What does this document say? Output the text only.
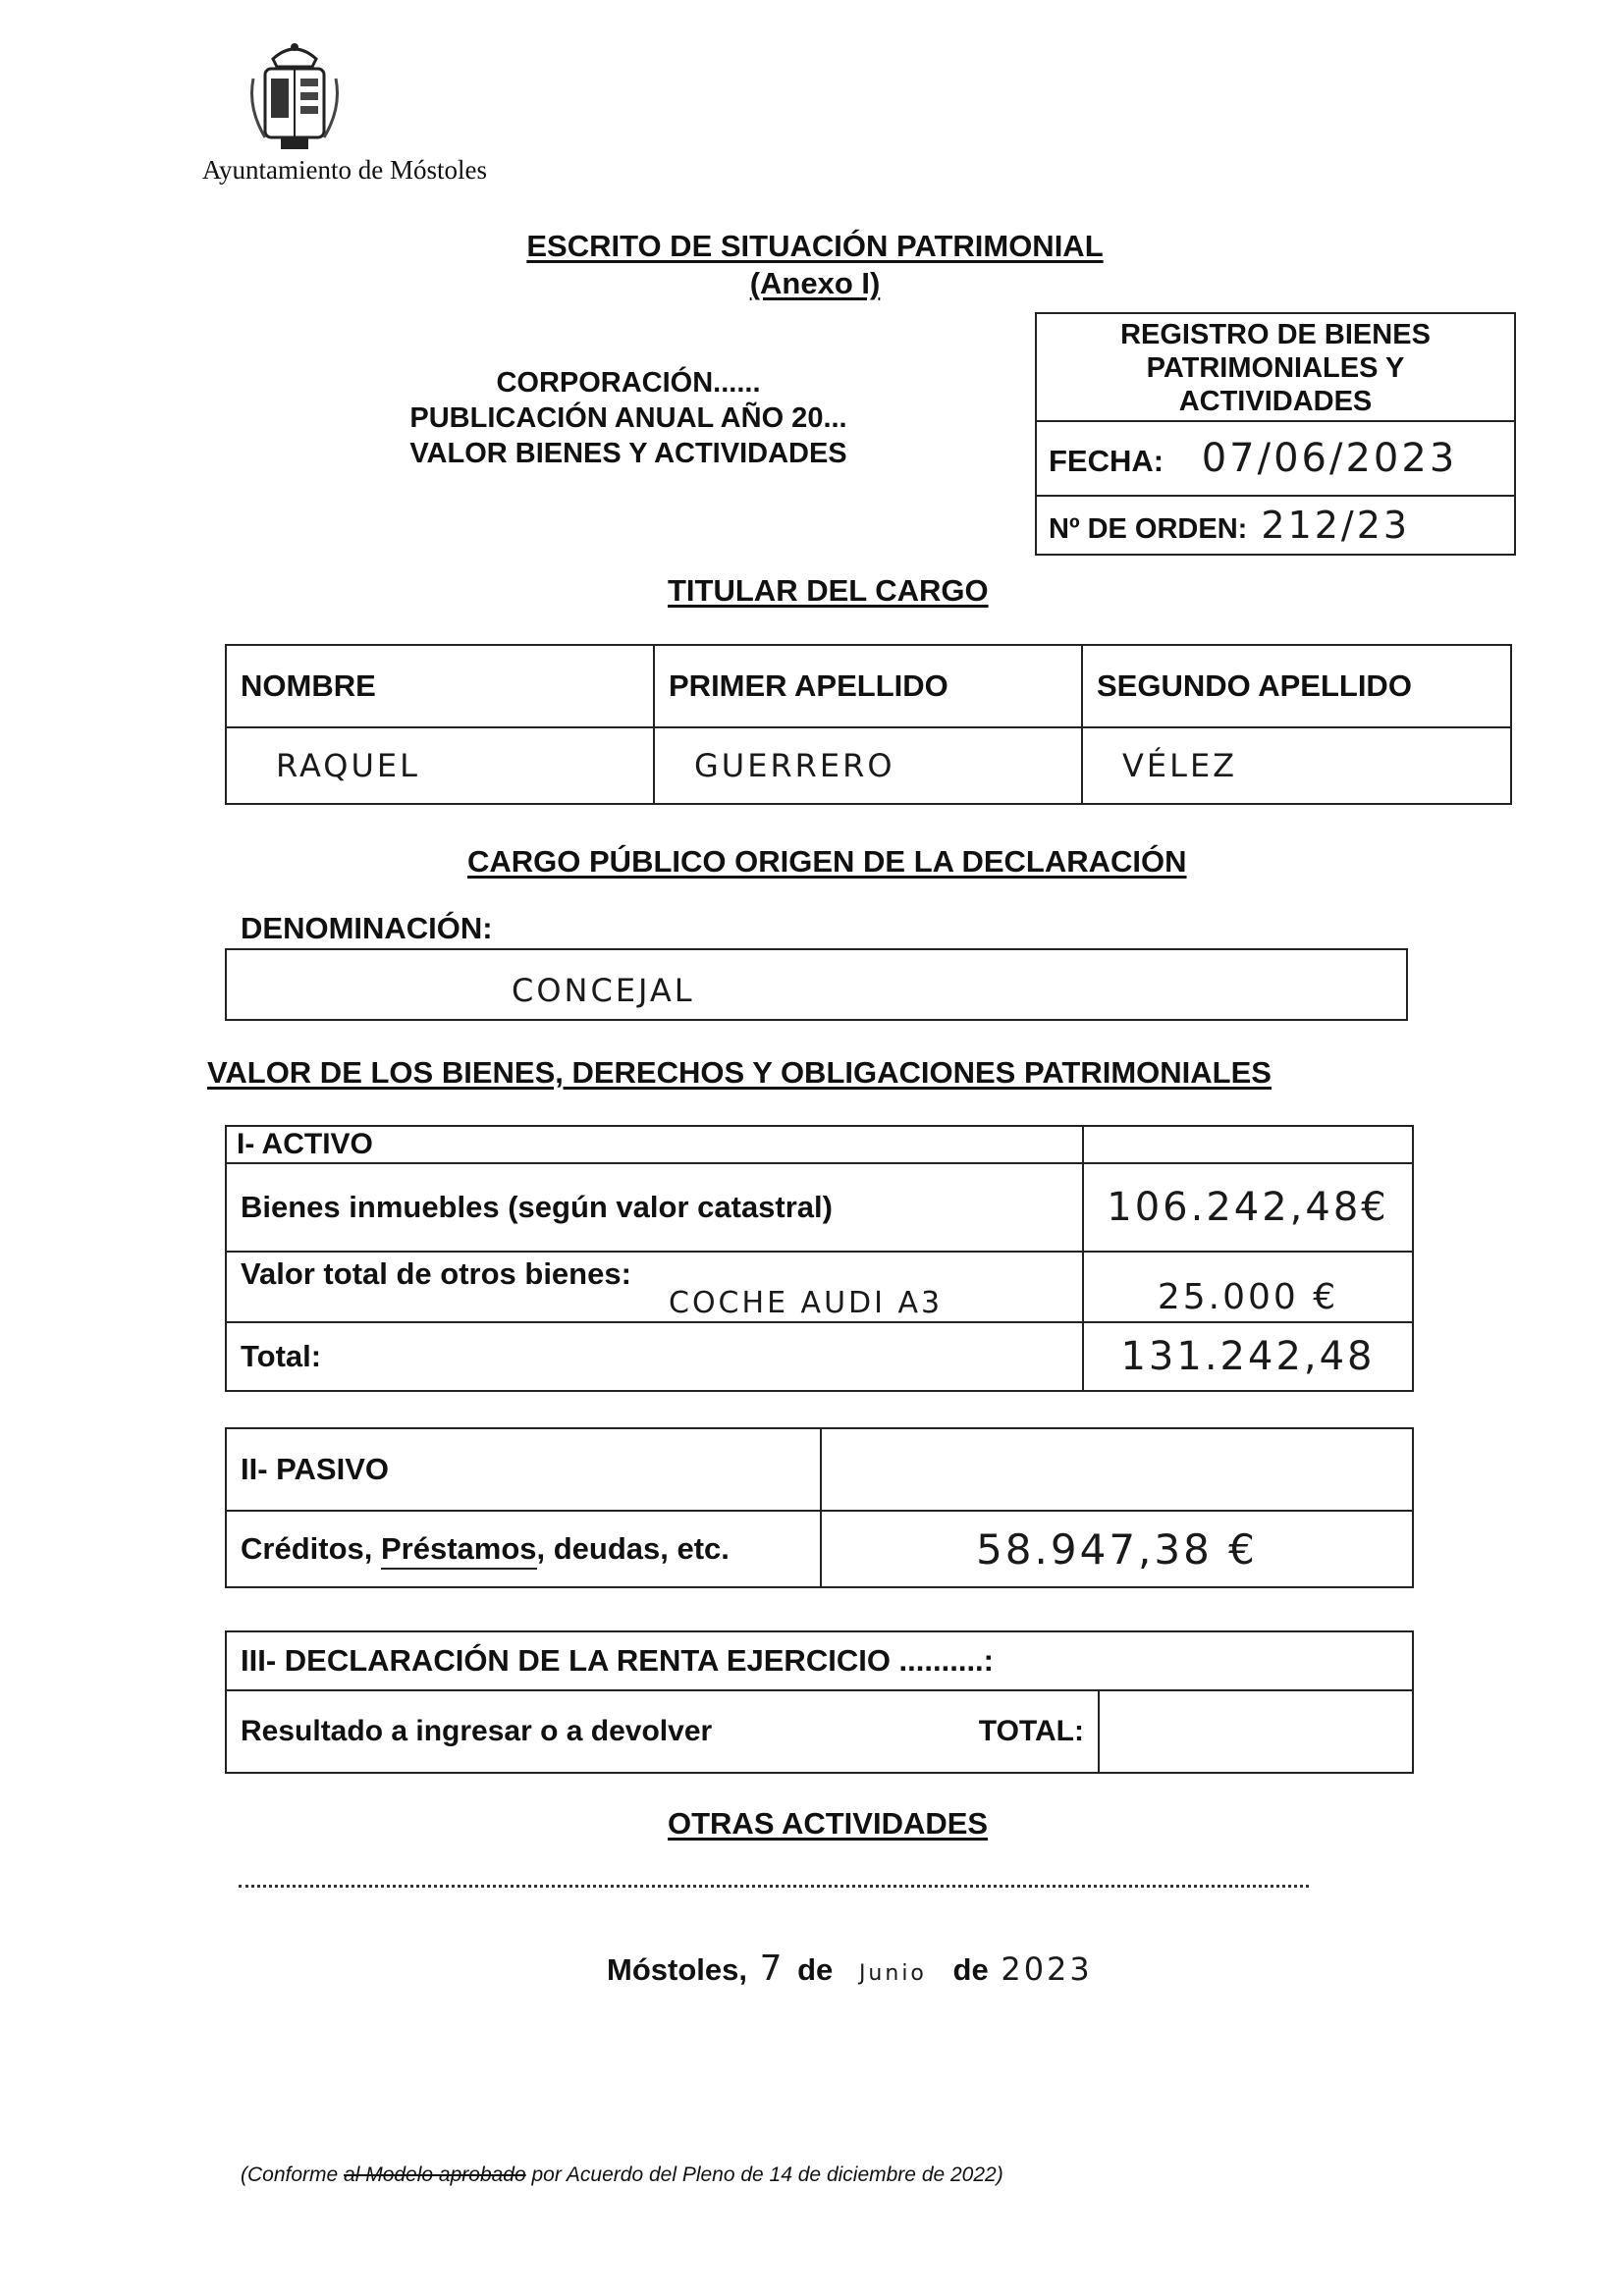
Ayuntamiento de Móstoles
ESCRITO DE SITUACIÓN PATRIMONIAL
(Anexo I)
CORPORACIÓN......
PUBLICACIÓN ANUAL AÑO 20...
VALOR BIENES Y ACTIVIDADES
REGISTRO DE BIENES
PATRIMONIALES Y
ACTIVIDADES

FECHA: 07/06/2023
Nº DE ORDEN: 212/23
TITULAR DEL CARGO
NOMBRE	PRIMER APELLIDO	SEGUNDO APELLIDO
RAQUEL	GUERRERO	VÉLEZ
CARGO PÚBLICO ORIGEN DE LA DECLARACIÓN
DENOMINACIÓN:
CONCEJAL
VALOR DE LOS BIENES, DERECHOS Y OBLIGACIONES PATRIMONIALES
I- ACTIVO	
Bienes inmuebles (según valor catastral)	106.242,48€

Valor total de otros bienes:
COCHE AUDI A3	25.000 €
Total:	131.242,48
II- PASIVO	
Créditos, Préstamos, deudas, etc.	58.947,38 €
III- DECLARACIÓN DE LA RENTA EJERCICIO ..........:
Resultado a ingresar o a devolver	TOTAL:

OTRAS ACTIVIDADES
Móstoles, 7 de Junio de 2023
(Conforme al Modelo aprobado por Acuerdo del Pleno de 14 de diciembre de 2022)
